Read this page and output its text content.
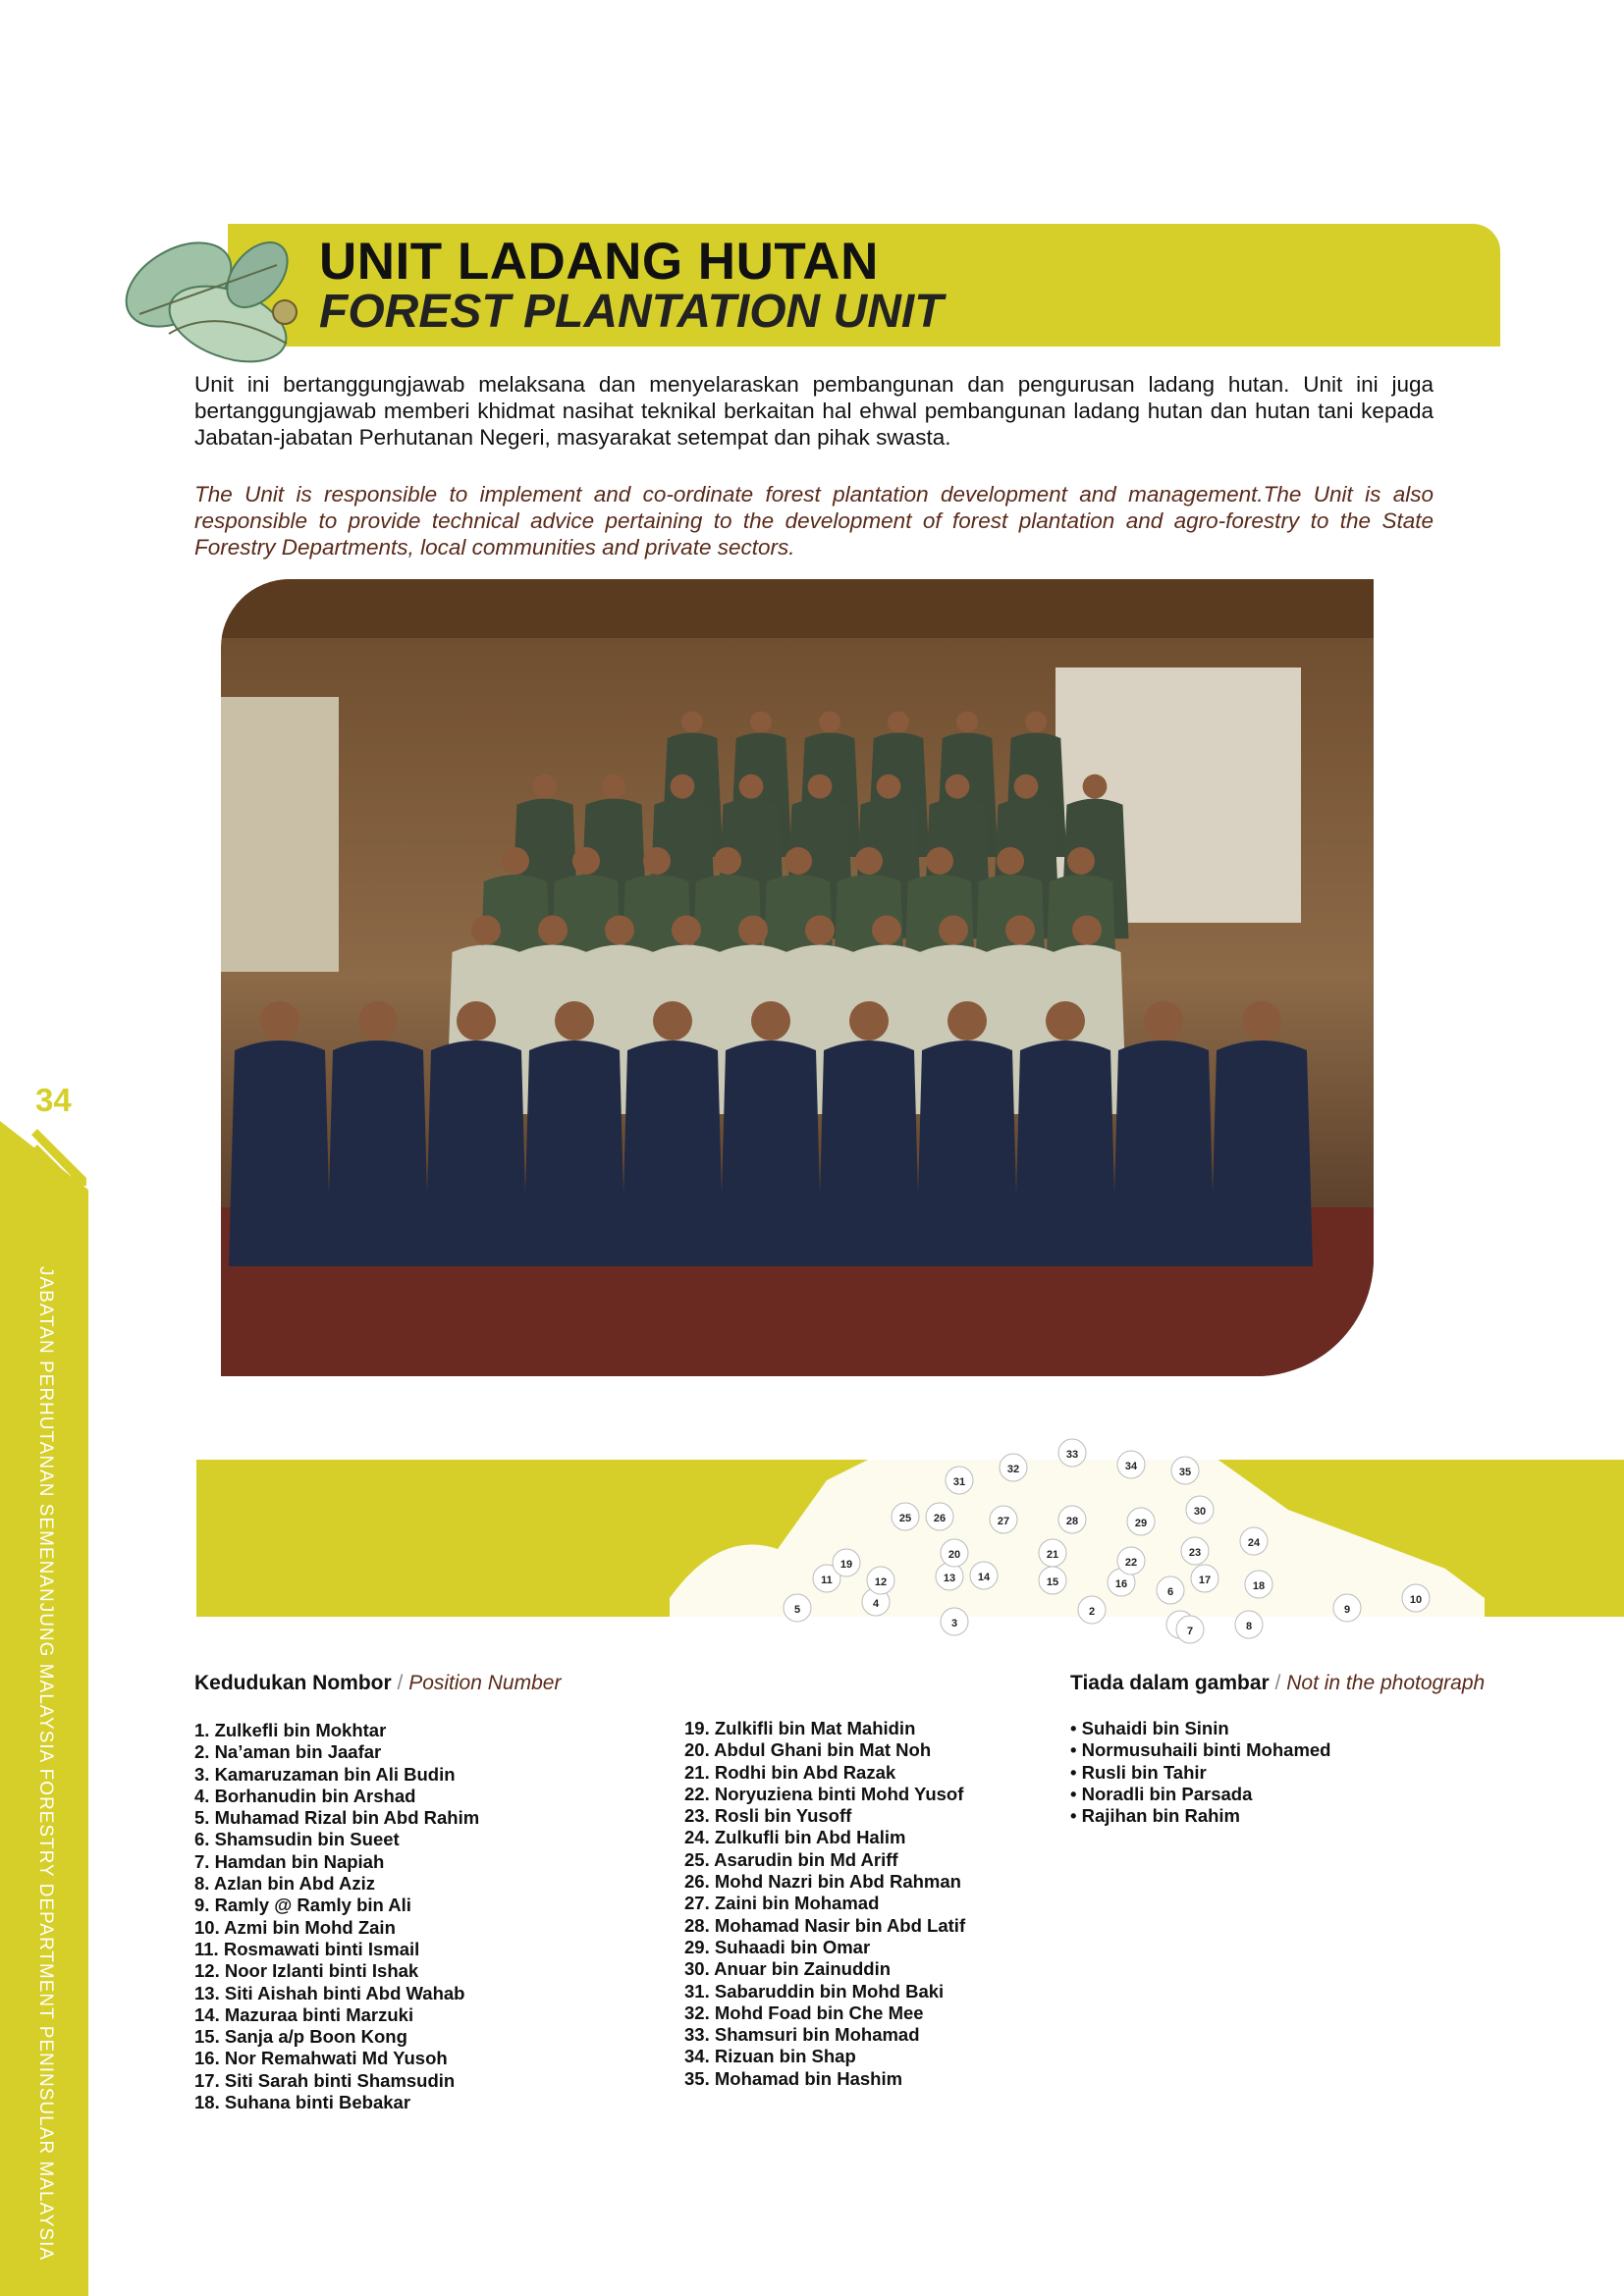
UNIT LADANG HUTAN
FOREST PLANTATION UNIT

Unit ini bertanggungjawab melaksana dan menyelaraskan pembangunan dan pengurusan ladang hutan. Unit ini juga bertanggungjawab memberi khidmat nasihat teknikal berkaitan hal ehwal pembangunan ladang hutan dan hutan tani kepada Jabatan-jabatan Perhutanan Negeri, masyarakat setempat dan pihak swasta.

The Unit is responsible to implement and co-ordinate forest plantation development and management.The Unit is also responsible to provide technical advice pertaining to the development of forest plantation and agro-forestry to the State Forestry Departments, local communities and private sectors.

34
JABATAN PERHUTANAN SEMENANJUNG MALAYSIA FORESTRY DEPARTMENT PENINSULAR MALAYSIA	2
3
4
5
6
7	8
9
10
11	12	13 14	15	16	17	18
19
20	21
22
23
24
25 26	27	28	29
30
31
32
33
34	35
Kedudukan Nombor / Position Number
1. Zulkefli bin Mokhtar
2. Na’aman bin Jaafar
3. Kamaruzaman bin Ali Budin
4. Borhanudin bin Arshad
5. Muhamad Rizal bin Abd Rahim
6. Shamsudin bin Sueet
7. Hamdan bin Napiah
8. Azlan bin Abd Aziz
9. Ramly @ Ramly bin Ali
10. Azmi bin Mohd Zain
11. Rosmawati binti Ismail
12. Noor Izlanti binti Ishak
13. Siti Aishah binti Abd Wahab
14. Mazuraa binti Marzuki
15. Sanja a/p Boon Kong
16. Nor Remahwati Md Yusoh
17. Siti Sarah binti Shamsudin
18. Suhana binti Bebakar
19. Zulkifli bin Mat Mahidin
20. Abdul Ghani bin Mat Noh
21. Rodhi bin Abd Razak
22. Noryuziena binti Mohd Yusof
23. Rosli bin Yusoff
24. Zulkufli bin Abd Halim
25. Asarudin bin Md Ariff
26. Mohd Nazri bin Abd Rahman
27. Zaini bin Mohamad
28. Mohamad Nasir bin Abd Latif
29. Suhaadi bin Omar
30. Anuar bin Zainuddin
31. Sabaruddin bin Mohd Baki
32. Mohd Foad bin Che Mee
33. Shamsuri bin Mohamad
34. Rizuan bin Shap
35. Mohamad bin Hashim
Tiada dalam gambar / Not in the photograph
• Suhaidi bin Sinin
• Normusuhaili binti Mohamed
• Rusli bin Tahir
• Noradli bin Parsada
• Rajihan bin Rahim
